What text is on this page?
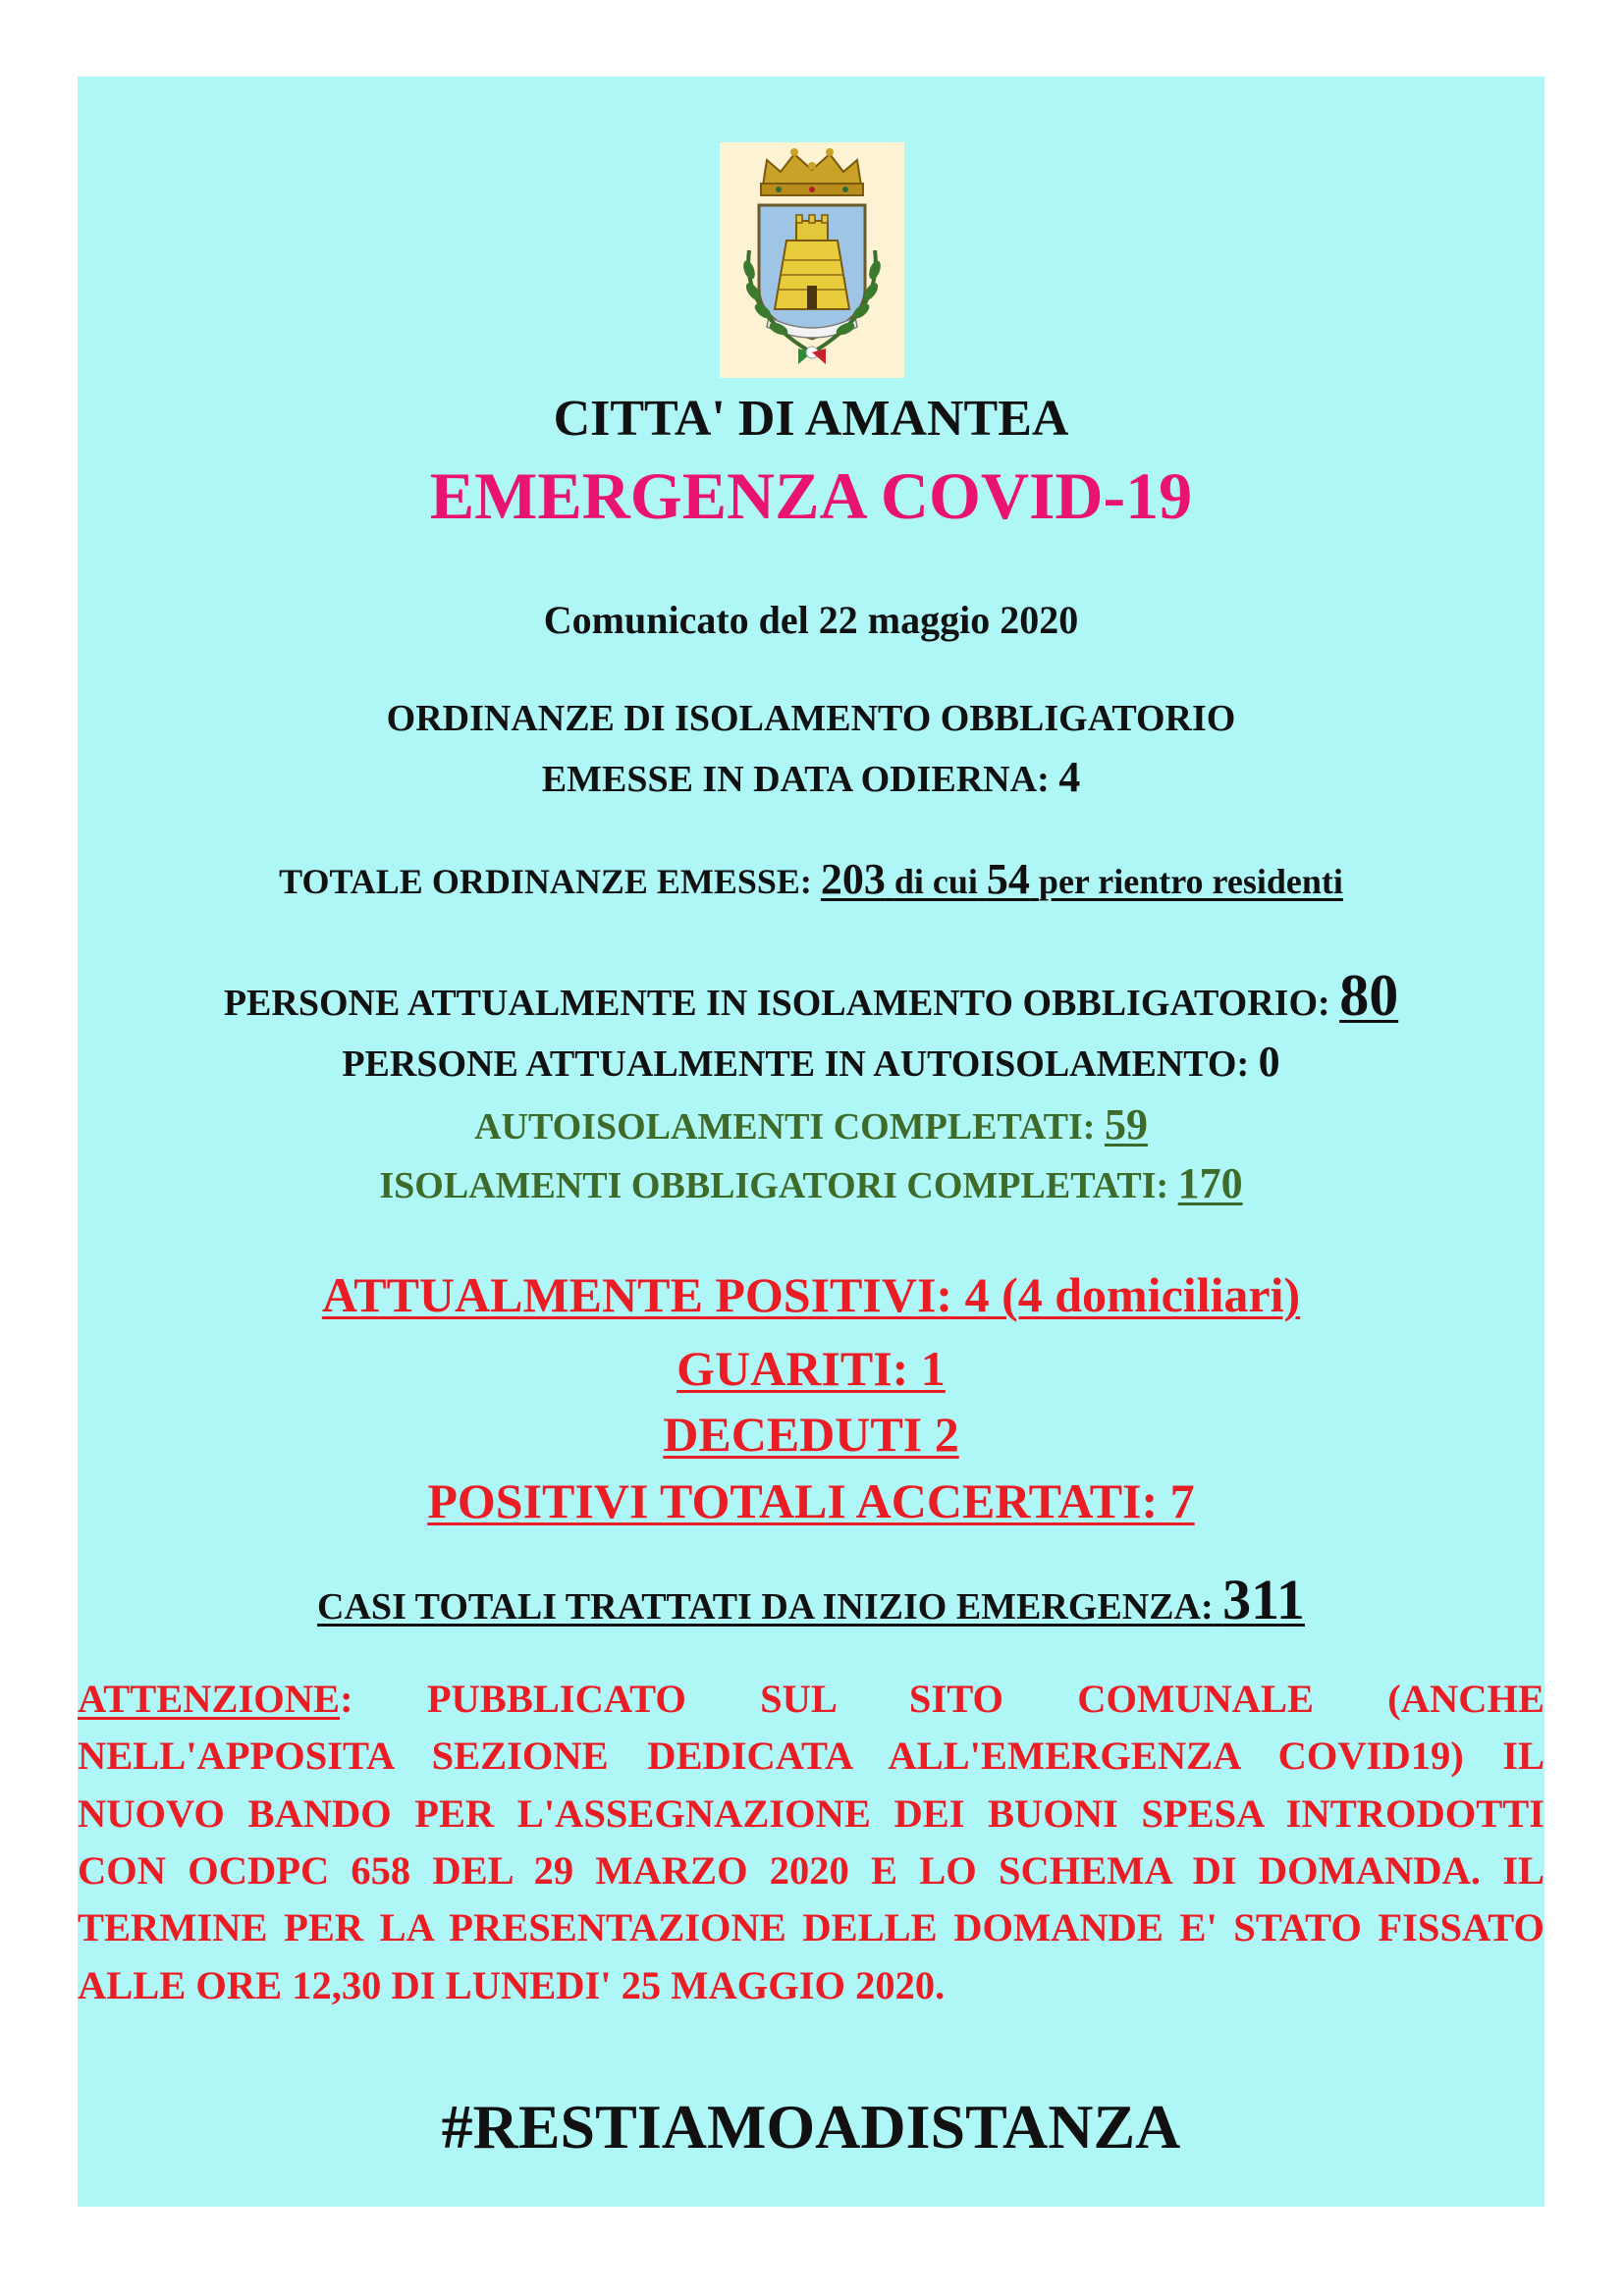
CITTA' DI AMANTEA
EMERGENZA COVID-19
Comunicato del 22 maggio 2020
ORDINANZE DI ISOLAMENTO OBBLIGATORIO
EMESSE IN DATA ODIERNA: 4
TOTALE ORDINANZE EMESSE: 203 di cui 54 per rientro residenti
PERSONE ATTUALMENTE IN ISOLAMENTO OBBLIGATORIO: 80
PERSONE ATTUALMENTE IN AUTOISOLAMENTO: 0
AUTOISOLAMENTI COMPLETATI: 59
ISOLAMENTI OBBLIGATORI COMPLETATI: 170
ATTUALMENTE POSITIVI: 4 (4 domiciliari)
GUARITI: 1
DECEDUTI 2
POSITIVI TOTALI ACCERTATI: 7
CASI TOTALI TRATTATI DA INIZIO EMERGENZA: 311
ATTENZIONE: PUBBLICATO SUL SITO COMUNALE (ANCHE NELL'APPOSITA SEZIONE DEDICATA ALL'EMERGENZA COVID19) IL NUOVO BANDO PER L'ASSEGNAZIONE DEI BUONI SPESA INTRODOTTI CON OCDPC 658 DEL 29 MARZO 2020 E LO SCHEMA DI DOMANDA. IL TERMINE PER LA PRESENTAZIONE DELLE DOMANDE E' STATO FISSATO ALLE ORE 12,30 DI LUNEDI' 25 MAGGIO 2020.
#RESTIAMOADISTANZA
